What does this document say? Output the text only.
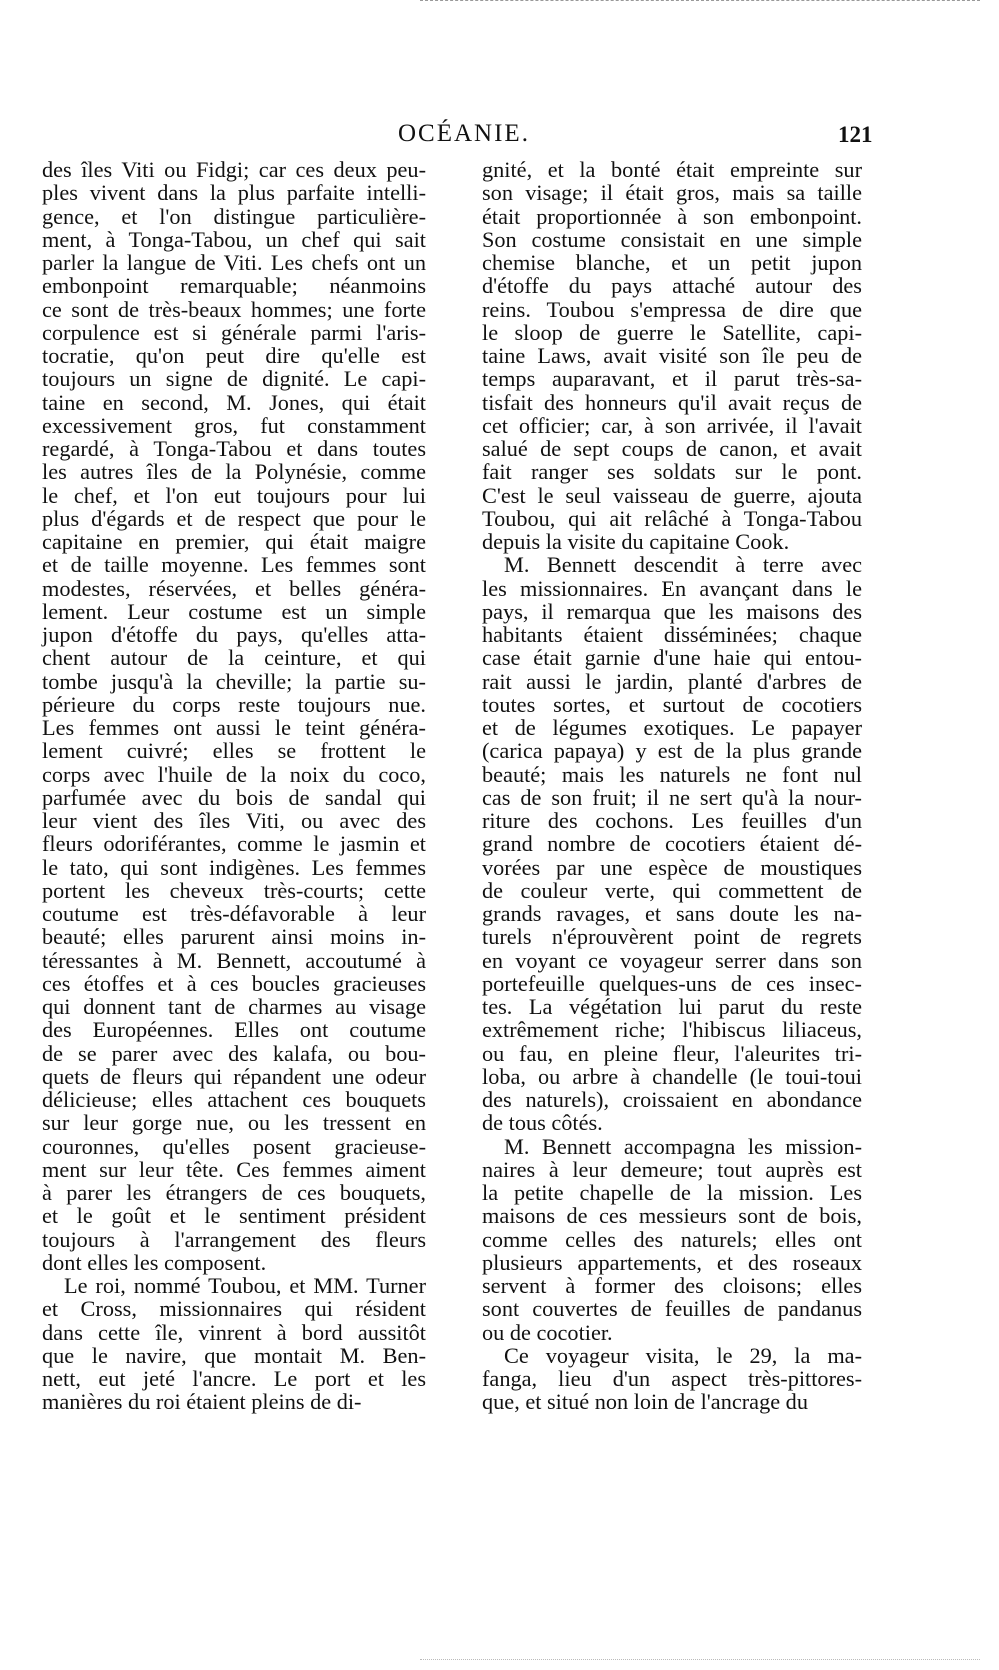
OCÉANIE.	121
des îles Viti ou Fidgi; car ces deux peu-
ples vivent dans la plus parfaite intelli-
gence, et l'on distingue particulière-
ment, à Tonga-Tabou, un chef qui sait
parler la langue de Viti. Les chefs ont un
embonpoint remarquable; néanmoins
ce sont de très-beaux hommes; une forte
corpulence est si générale parmi l'aris-
tocratie, qu'on peut dire qu'elle est
toujours un signe de dignité. Le capi-
taine en second, M. Jones, qui était
excessivement gros, fut constamment
regardé, à Tonga-Tabou et dans toutes
les autres îles de la Polynésie, comme
le chef, et l'on eut toujours pour lui
plus d'égards et de respect que pour le
capitaine en premier, qui était maigre
et de taille moyenne. Les femmes sont
modestes, réservées, et belles généra-
lement. Leur costume est un simple
jupon d'étoffe du pays, qu'elles atta-
chent autour de la ceinture, et qui
tombe jusqu'à la cheville; la partie su-
périeure du corps reste toujours nue.
Les femmes ont aussi le teint généra-
lement cuivré; elles se frottent le
corps avec l'huile de la noix du coco,
parfumée avec du bois de sandal qui
leur vient des îles Viti, ou avec des
fleurs odoriférantes, comme le jasmin et
le tato, qui sont indigènes. Les femmes
portent les cheveux très-courts; cette
coutume est très-défavorable à leur
beauté; elles parurent ainsi moins in-
téressantes à M. Bennett, accoutumé à
ces étoffes et à ces boucles gracieuses
qui donnent tant de charmes au visage
des Européennes. Elles ont coutume
de se parer avec des kalafa, ou bou-
quets de fleurs qui répandent une odeur
délicieuse; elles attachent ces bouquets
sur leur gorge nue, ou les tressent en
couronnes, qu'elles posent gracieuse-
ment sur leur tête. Ces femmes aiment
à parer les étrangers de ces bouquets,
et le goût et le sentiment président
toujours à l'arrangement des fleurs
dont elles les composent.
Le roi, nommé Toubou, et MM. Turner
et Cross, missionnaires qui résident
dans cette île, vinrent à bord aussitôt
que le navire, que montait M. Ben-
nett, eut jeté l'ancre. Le port et les
manières du roi étaient pleins de di-
gnité, et la bonté était empreinte sur
son visage; il était gros, mais sa taille
était proportionnée à son embonpoint.
Son costume consistait en une simple
chemise blanche, et un petit jupon
d'étoffe du pays attaché autour des
reins. Toubou s'empressa de dire que
le sloop de guerre le Satellite, capi-
taine Laws, avait visité son île peu de
temps auparavant, et il parut très-sa-
tisfait des honneurs qu'il avait reçus de
cet officier; car, à son arrivée, il l'avait
salué de sept coups de canon, et avait
fait ranger ses soldats sur le pont.
C'est le seul vaisseau de guerre, ajouta
Toubou, qui ait relâché à Tonga-Tabou
depuis la visite du capitaine Cook.
M. Bennett descendit à terre avec
les missionnaires. En avançant dans le
pays, il remarqua que les maisons des
habitants étaient disséminées; chaque
case était garnie d'une haie qui entou-
rait aussi le jardin, planté d'arbres de
toutes sortes, et surtout de cocotiers
et de légumes exotiques. Le papayer
(carica papaya) y est de la plus grande
beauté; mais les naturels ne font nul
cas de son fruit; il ne sert qu'à la nour-
riture des cochons. Les feuilles d'un
grand nombre de cocotiers étaient dé-
vorées par une espèce de moustiques
de couleur verte, qui commettent de
grands ravages, et sans doute les na-
turels n'éprouvèrent point de regrets
en voyant ce voyageur serrer dans son
portefeuille quelques-uns de ces insec-
tes. La végétation lui parut du reste
extrêmement riche; l'hibiscus liliaceus,
ou fau, en pleine fleur, l'aleurites tri-
loba, ou arbre à chandelle (le toui-toui
des naturels), croissaient en abondance
de tous côtés.
M. Bennett accompagna les mission-
naires à leur demeure; tout auprès est
la petite chapelle de la mission. Les
maisons de ces messieurs sont de bois,
comme celles des naturels; elles ont
plusieurs appartements, et des roseaux
servent à former des cloisons; elles
sont couvertes de feuilles de pandanus
ou de cocotier.
Ce voyageur visita, le 29, la ma-
fanga, lieu d'un aspect très-pittores-
que, et situé non loin de l'ancrage du
